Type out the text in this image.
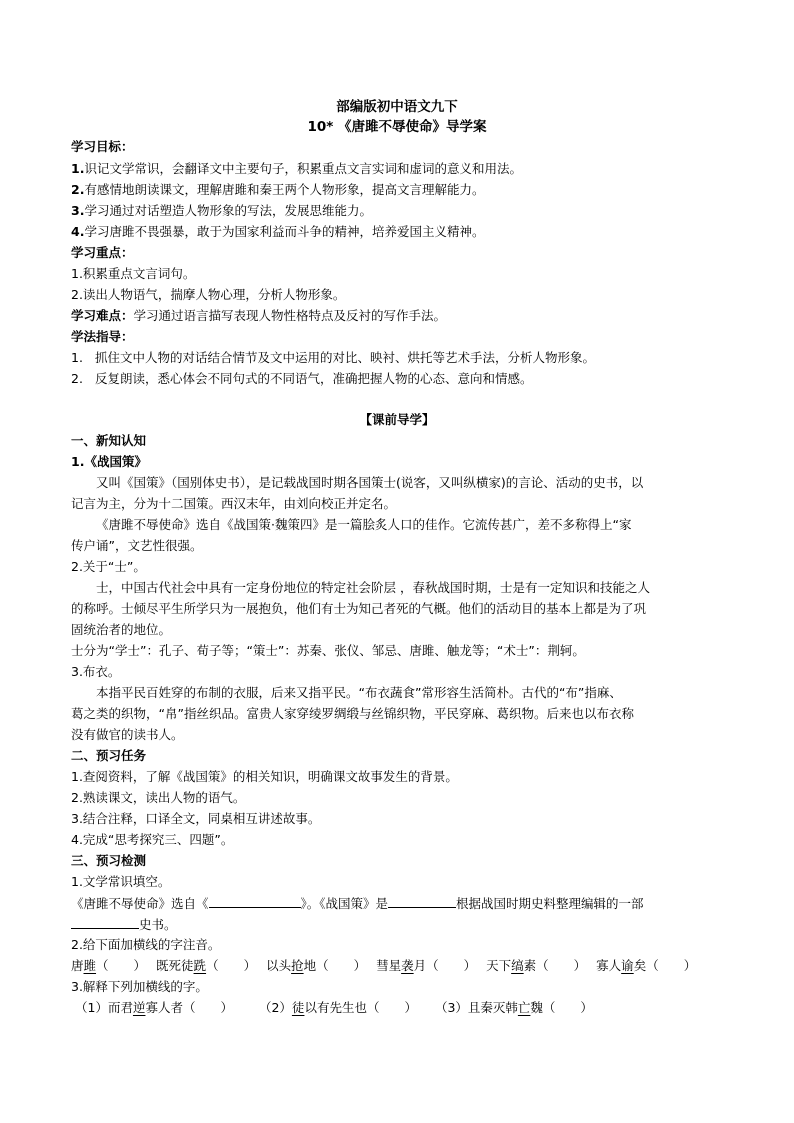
部编版初中语文九下
10* 《唐雎不辱使命》导学案
学习目标：
1.识记文学常识，会翻译文中主要句子，积累重点文言实词和虚词的意义和用法。
2.有感情地朗读课文，理解唐雎和秦王两个人物形象，提高文言理解能力。
3.学习通过对话塑造人物形象的写法，发展思维能力。
4.学习唐雎不畏强暴，敢于为国家利益而斗争的精神，培养爱国主义精神。
学习重点：
1.积累重点文言词句。
2.读出人物语气，揣摩人物心理，分析人物形象。
学习难点：学习通过语言描写表现人物性格特点及反衬的写作手法。
学法指导：
1. 抓住文中人物的对话结合情节及文中运用的对比、映衬、烘托等艺术手法，分析人物形象。
2. 反复朗读，悉心体会不同句式的不同语气，准确把握人物的心态、意向和情感。
【课前导学】
一、新知认知
1.《战国策》
又叫《国策》（国别体史书），是记载战国时期各国策士(说客，又叫纵横家)的言论、活动的史书，以
记言为主，分为十二国策。西汉末年，由刘向校正并定名。
《唐雎不辱使命》选自《战国策·魏策四》是一篇脍炙人口的佳作。它流传甚广，差不多称得上“家
传户诵”，文艺性很强。
2.关于“士”。
士，中国古代社会中具有一定身份地位的特定社会阶层 ，春秋战国时期，士是有一定知识和技能之人
的称呼。士倾尽平生所学只为一展抱负，他们有士为知己者死的气概。他们的活动目的基本上都是为了巩
固统治者的地位。
士分为“学士”：孔子、荀子等；“策士”：苏秦、张仪、邹忌、唐雎、触龙等；“术士”：荆轲。
3.布衣。
本指平民百姓穿的布制的衣服，后来又指平民。“布衣蔬食”常形容生活简朴。古代的“布”指麻、
葛之类的织物，“帛”指丝织品。富贵人家穿绫罗绸缎与丝锦织物，平民穿麻、葛织物。后来也以布衣称
没有做官的读书人。
二、预习任务
1.查阅资料，了解《战国策》的相关知识，明确课文故事发生的背景。
2.熟读课文，读出人物的语气。
3.结合注释，口译全文，同桌相互讲述故事。
4.完成“思考探究三、四题”。
三、预习检测
1.文学常识填空。
《唐雎不辱使命》选自《	》。《战国策》是	根据战国时期史料整理编辑的一部
史书。
2.给下面加横线的字注音。
唐雎（　　） 既死徒跣（　　） 以头抢地（　　） 彗星袭月（　　） 天下缟素（　　） 寡人谕矣（　　）
3.解释下列加横线的字。
（1）而君逆寡人者（　　） （2）徒以有先生也（　　） （3）且秦灭韩亡魏（　　）
